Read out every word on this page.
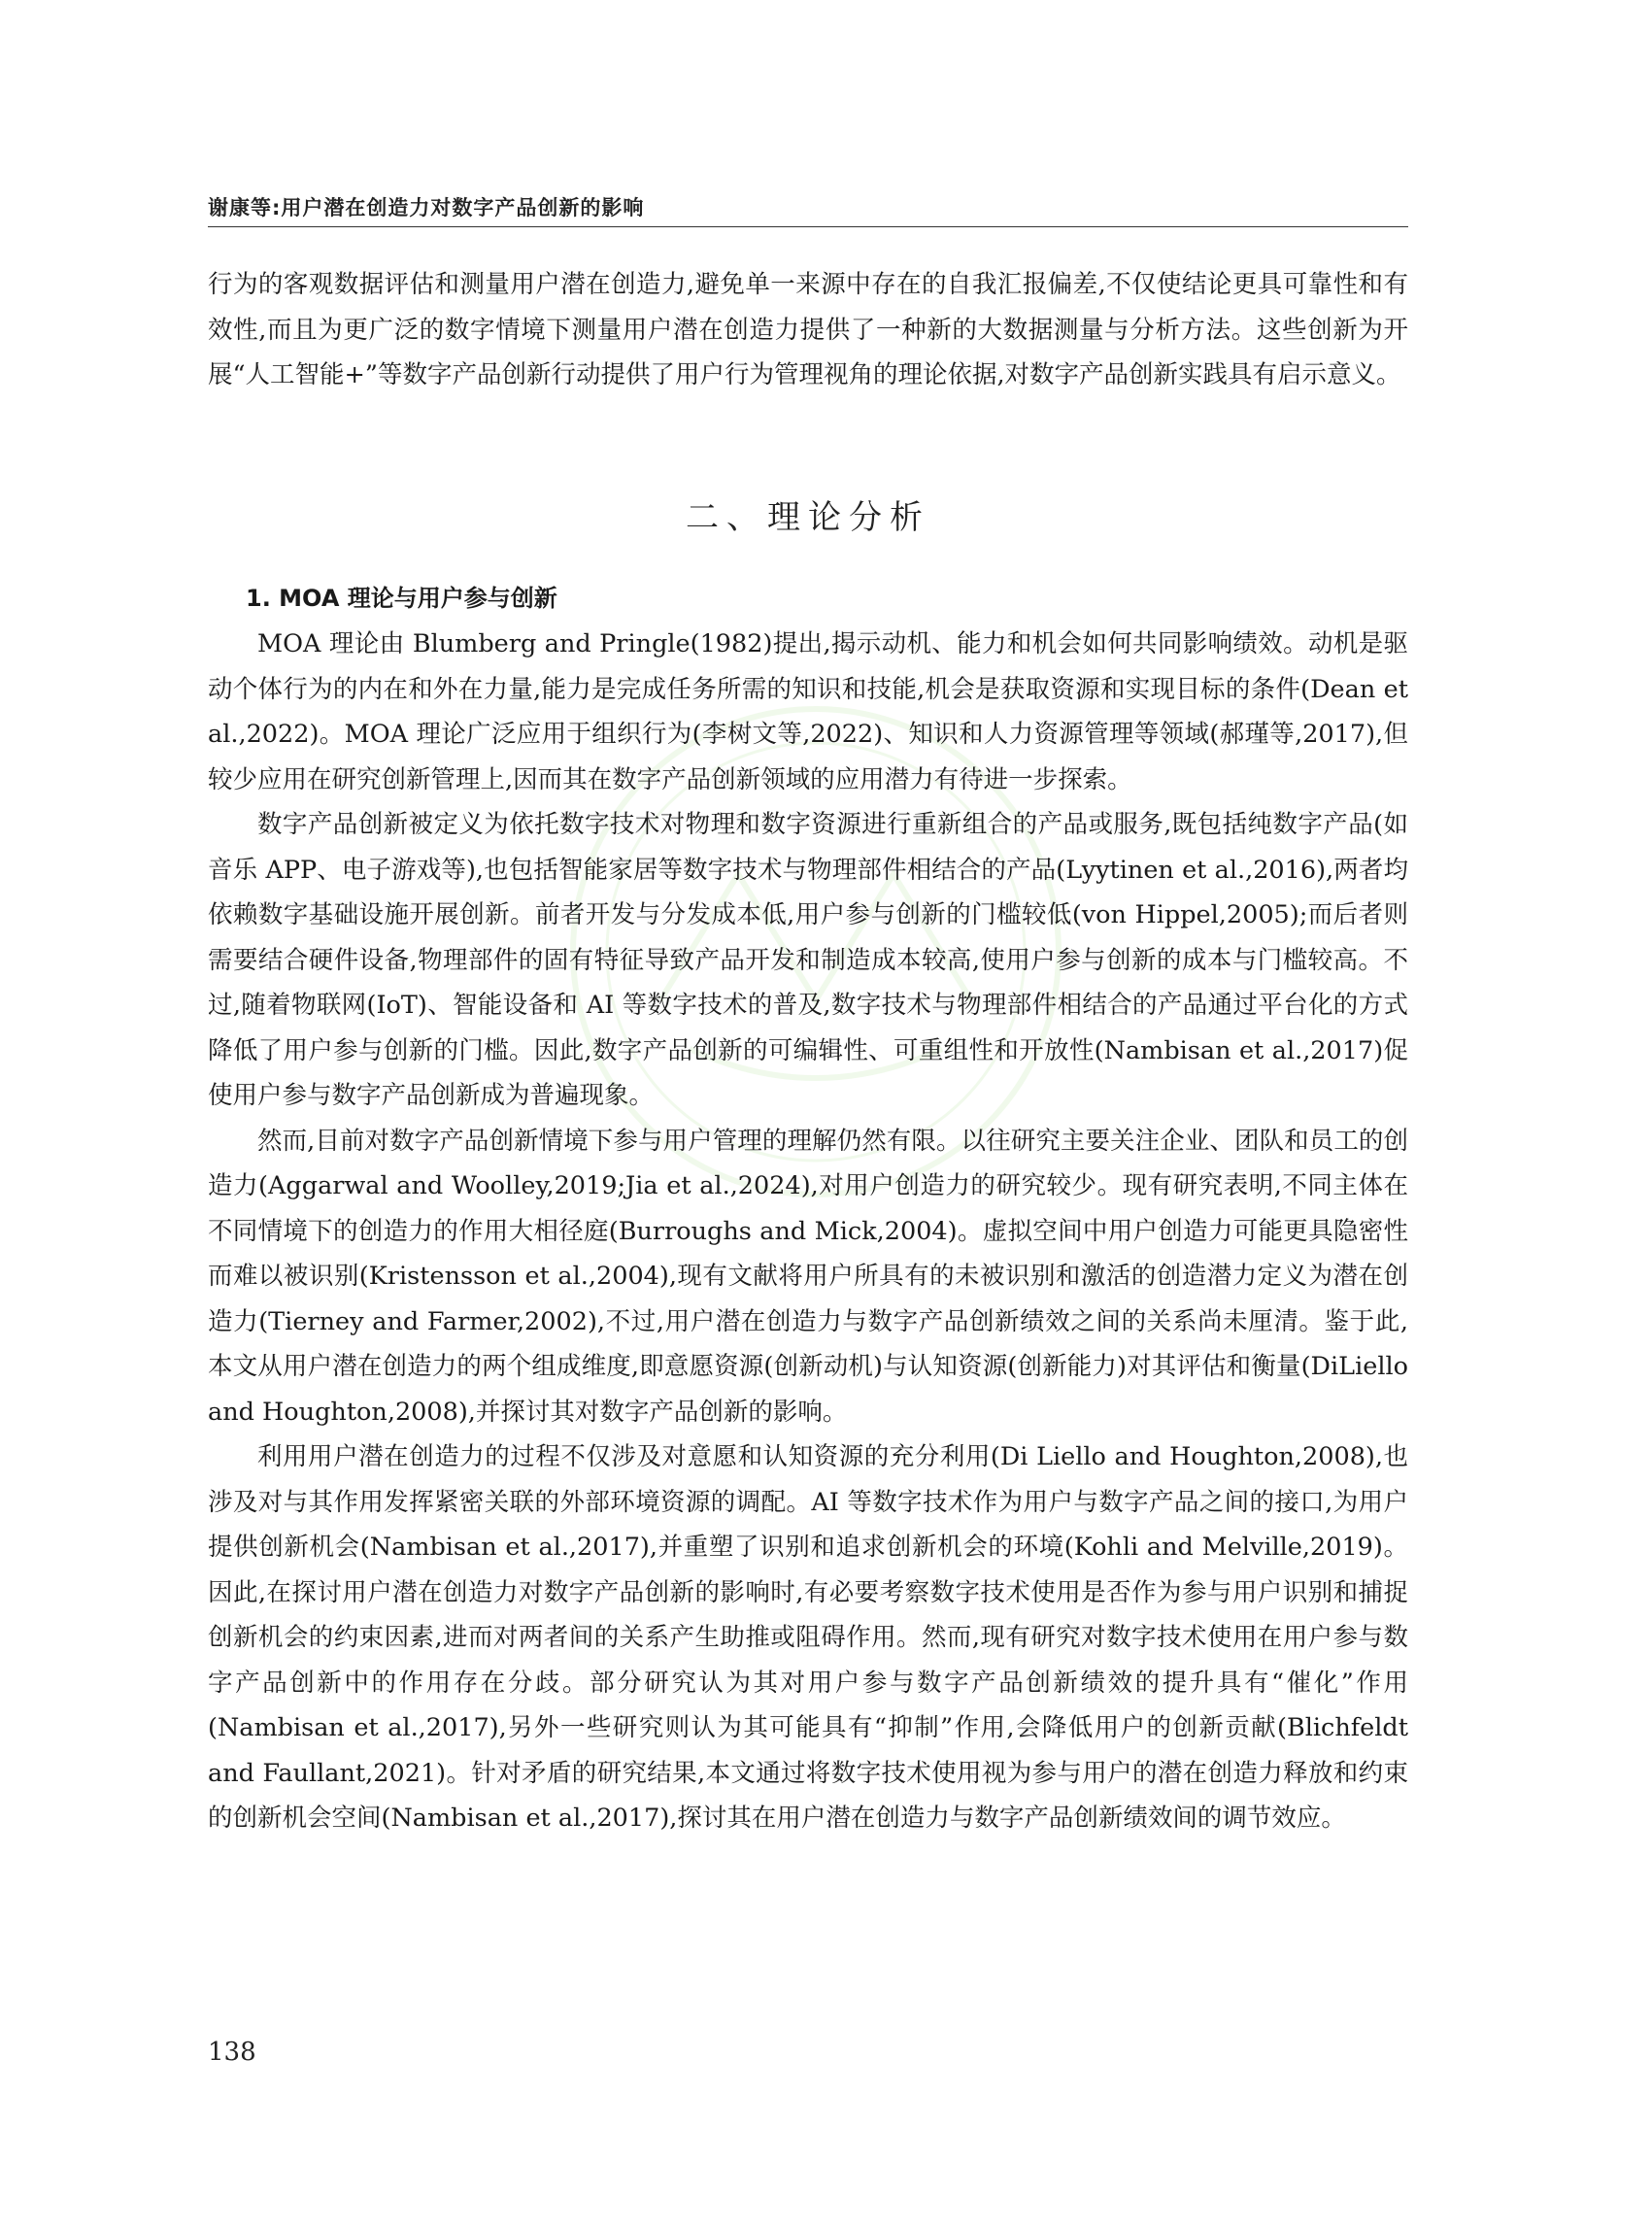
谢康等:用户潜在创造力对数字产品创新的影响

行为的客观数据评估和测量用户潜在创造力,避免单一来源中存在的自我汇报偏差,不仅使结论更具可靠性和有效性,而且为更广泛的数字情境下测量用户潜在创造力提供了一种新的大数据测量与分析方法。这些创新为开展“人工智能+”等数字产品创新行动提供了用户行为管理视角的理论依据,对数字产品创新实践具有启示意义。

二、理论分析
1. MOA 理论与用户参与创新

MOA 理论由 Blumberg and Pringle(1982)提出,揭示动机、能力和机会如何共同影响绩效。动机是驱动个体行为的内在和外在力量,能力是完成任务所需的知识和技能,机会是获取资源和实现目标的条件(Dean et al.,2022)。MOA 理论广泛应用于组织行为(李树文等,2022)、知识和人力资源管理等领域(郝瑾等,2017),但较少应用在研究创新管理上,因而其在数字产品创新领域的应用潜力有待进一步探索。

数字产品创新被定义为依托数字技术对物理和数字资源进行重新组合的产品或服务,既包括纯数字产品(如音乐 APP、电子游戏等),也包括智能家居等数字技术与物理部件相结合的产品(Lyytinen et al.,2016),两者均依赖数字基础设施开展创新。前者开发与分发成本低,用户参与创新的门槛较低(von Hippel,2005);而后者则需要结合硬件设备,物理部件的固有特征导致产品开发和制造成本较高,使用户参与创新的成本与门槛较高。不过,随着物联网(IoT)、智能设备和 AI 等数字技术的普及,数字技术与物理部件相结合的产品通过平台化的方式降低了用户参与创新的门槛。因此,数字产品创新的可编辑性、可重组性和开放性(Nambisan et al.,2017)促使用户参与数字产品创新成为普遍现象。

然而,目前对数字产品创新情境下参与用户管理的理解仍然有限。以往研究主要关注企业、团队和员工的创造力(Aggarwal and Woolley,2019;Jia et al.,2024),对用户创造力的研究较少。现有研究表明,不同主体在不同情境下的创造力的作用大相径庭(Burroughs and Mick,2004)。虚拟空间中用户创造力可能更具隐密性而难以被识别(Kristensson et al.,2004),现有文献将用户所具有的未被识别和激活的创造潜力定义为潜在创造力(Tierney and Farmer,2002),不过,用户潜在创造力与数字产品创新绩效之间的关系尚未厘清。鉴于此,本文从用户潜在创造力的两个组成维度,即意愿资源(创新动机)与认知资源(创新能力)对其评估和衡量(DiLiello and Houghton,2008),并探讨其对数字产品创新的影响。

利用用户潜在创造力的过程不仅涉及对意愿和认知资源的充分利用(Di Liello and Houghton,2008),也涉及对与其作用发挥紧密关联的外部环境资源的调配。AI 等数字技术作为用户与数字产品之间的接口,为用户提供创新机会(Nambisan et al.,2017),并重塑了识别和追求创新机会的环境(Kohli and Melville,2019)。因此,在探讨用户潜在创造力对数字产品创新的影响时,有必要考察数字技术使用是否作为参与用户识别和捕捉创新机会的约束因素,进而对两者间的关系产生助推或阻碍作用。然而,现有研究对数字技术使用在用户参与数字产品创新中的作用存在分歧。部分研究认为其对用户参与数字产品创新绩效的提升具有“催化”作用(Nambisan et al.,2017),另外一些研究则认为其可能具有“抑制”作用,会降低用户的创新贡献(Blichfeldt and Faullant,2021)。针对矛盾的研究结果,本文通过将数字技术使用视为参与用户的潜在创造力释放和约束的创新机会空间(Nambisan et al.,2017),探讨其在用户潜在创造力与数字产品创新绩效间的调节效应。

138
